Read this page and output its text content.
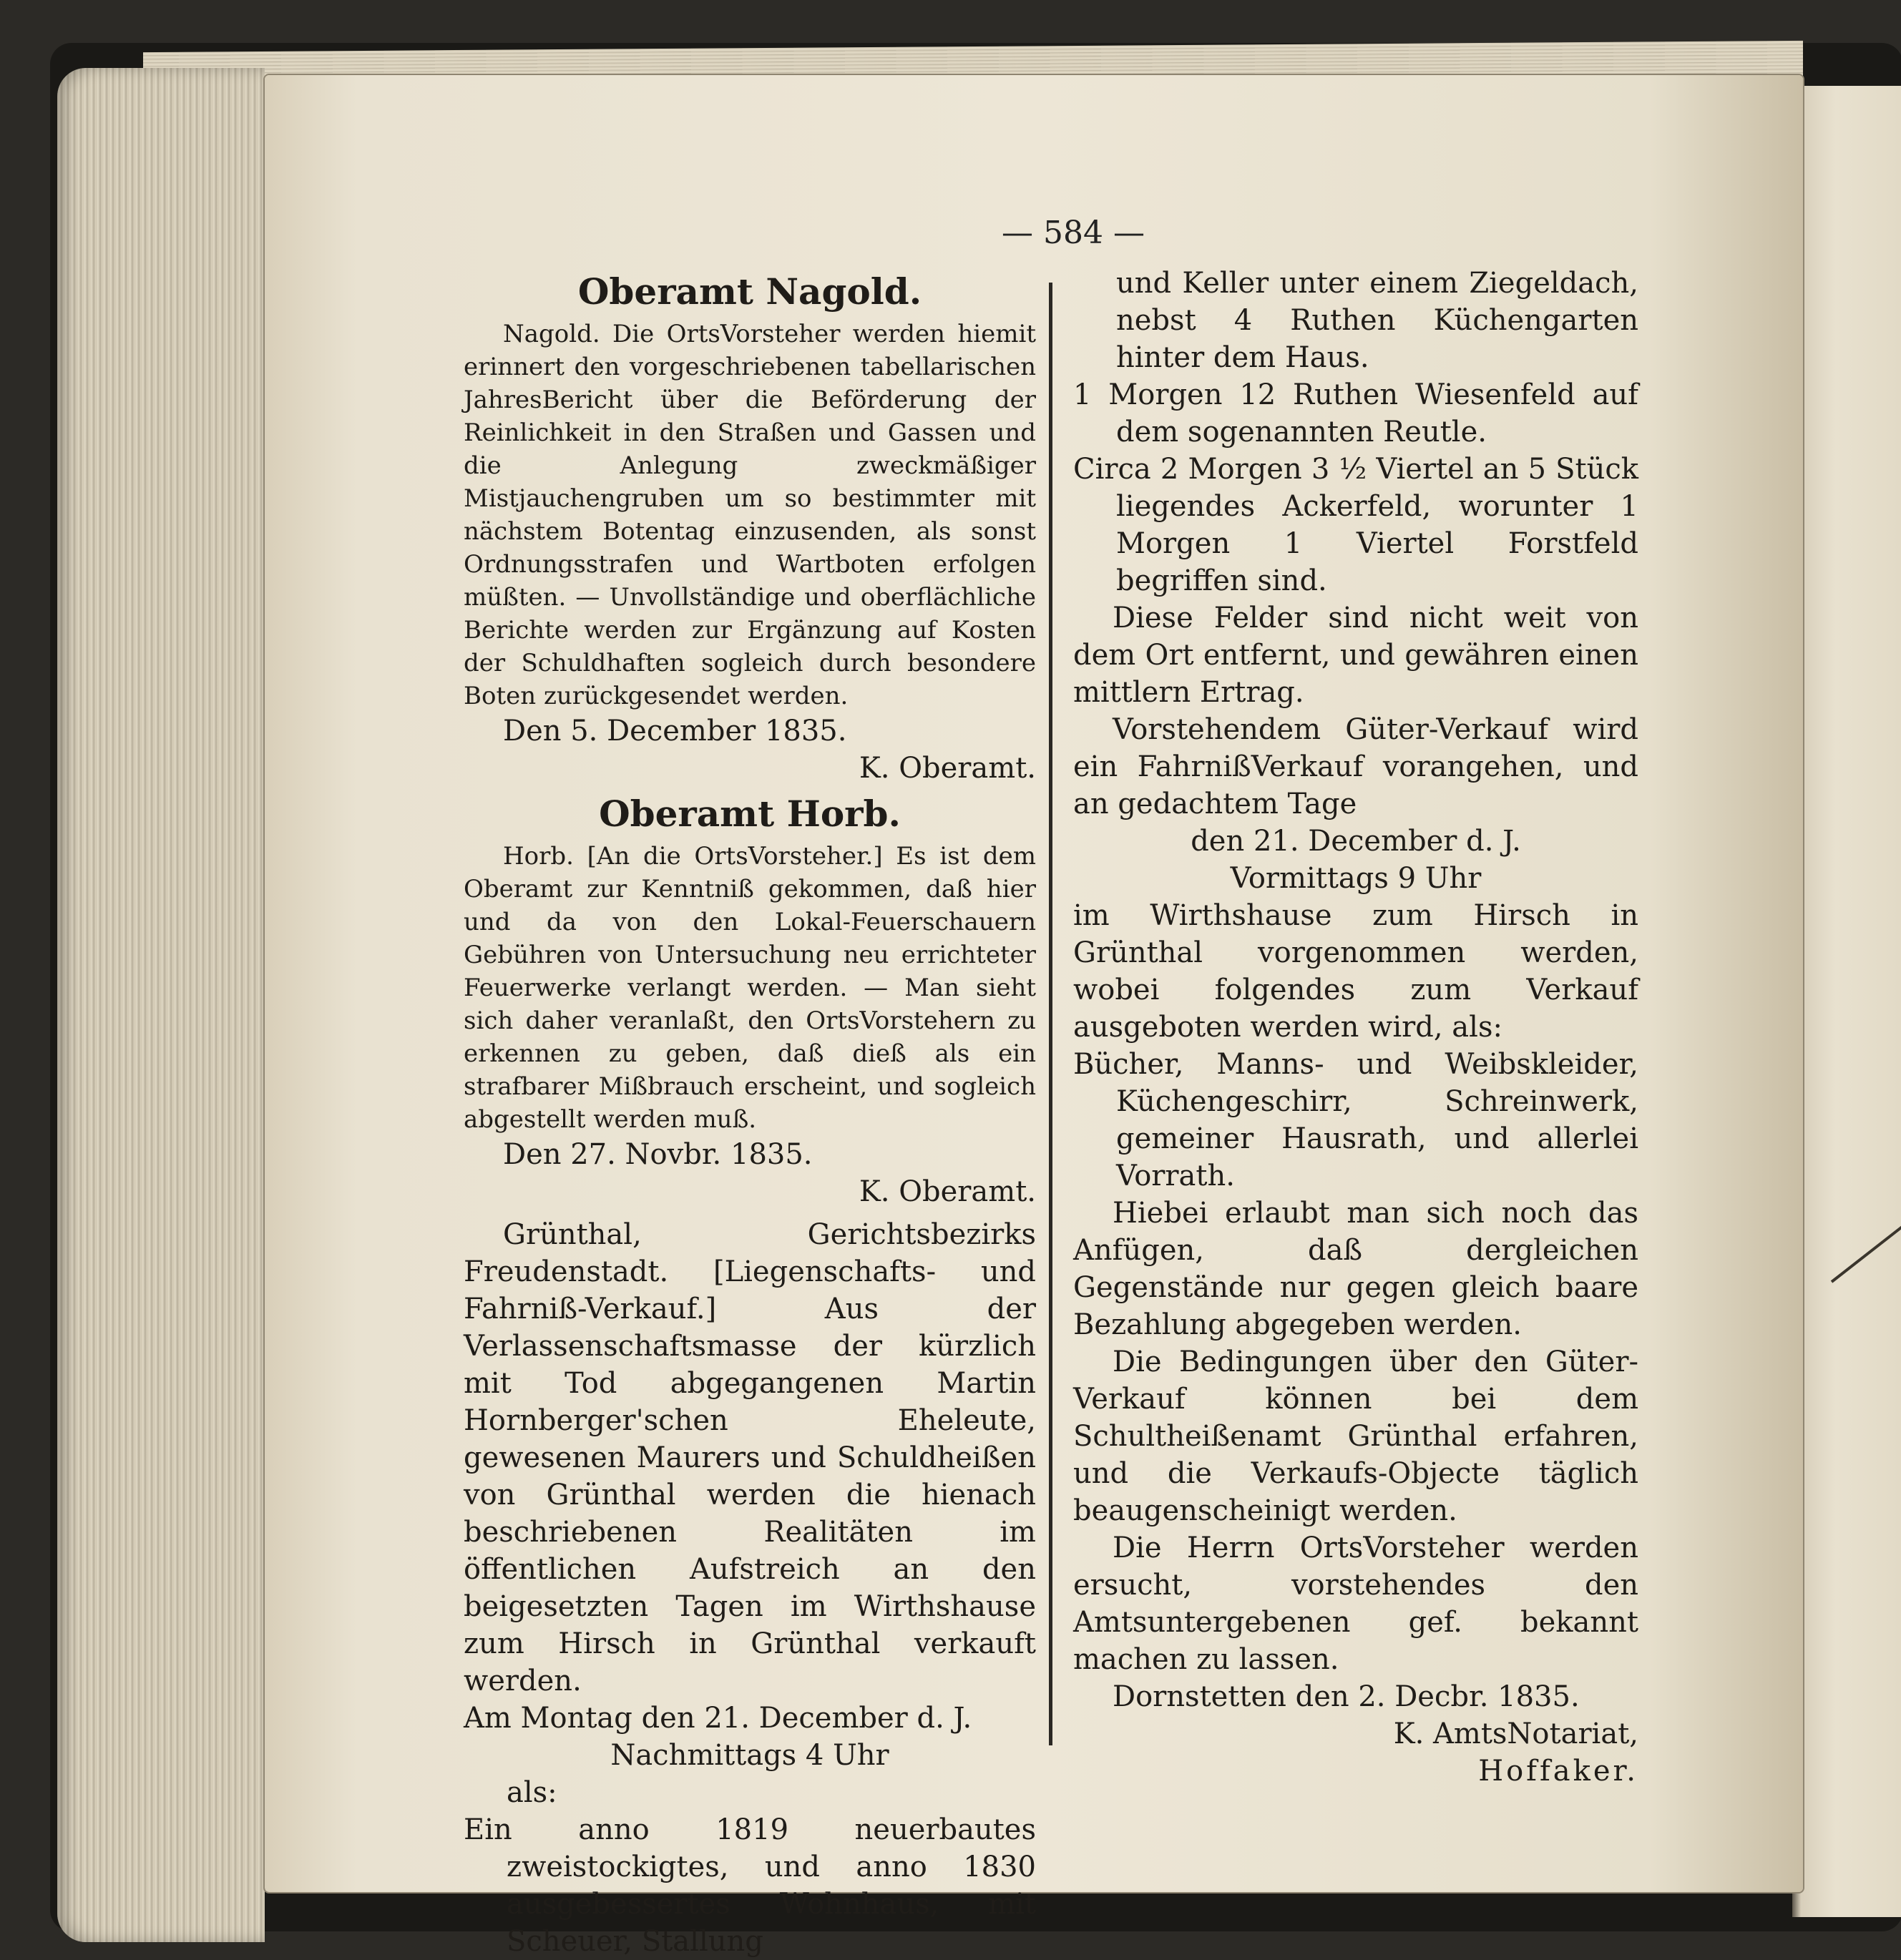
— 584 —

Oberamt Nagold.

Nagold. Die OrtsVorsteher werden hiemit erinnert den vorgeschriebenen tabellarischen JahresBericht über die Beförderung der Reinlichkeit in den Straßen und Gassen und die Anlegung zweckmäßiger Mistjauchengruben um so bestimmter mit nächstem Botentag einzusenden, als sonst Ordnungsstrafen und Wartboten erfolgen müßten. — Unvollständige und oberflächliche Berichte werden zur Ergänzung auf Kosten der Schuldhaften sogleich durch besondere Boten zurückgesendet werden.

Den 5. December 1835.

K. Oberamt.

Oberamt Horb.

Horb. [An die OrtsVorsteher.] Es ist dem Oberamt zur Kenntniß gekommen, daß hier und da von den Lokal-Feuerschauern Gebühren von Untersuchung neu errichteter Feuerwerke verlangt werden. — Man sieht sich daher veranlaßt, den OrtsVorstehern zu erkennen zu geben, daß dieß als ein strafbarer Mißbrauch erscheint, und sogleich abgestellt werden muß.

Den 27. Novbr. 1835.

K. Oberamt.

Grünthal, Gerichtsbezirks Freudenstadt. [Liegenschafts- und Fahrniß-Verkauf.] Aus der Verlassenschaftsmasse der kürzlich mit Tod abgegangenen Martin Hornberger'schen Eheleute, gewesenen Maurers und Schuldheißen von Grünthal werden die hienach beschriebenen Realitäten im öffentlichen Aufstreich an den beigesetzten Tagen im Wirthshause zum Hirsch in Grünthal verkauft werden.

Am Montag den 21. December d. J.

Nachmittags 4 Uhr

als:

Ein anno 1819 neuerbautes zweistockigtes, und anno 1830 ausgebessertes Wohnhaus, mit Scheuer, Stallung

und Keller unter einem Ziegeldach, nebst 4 Ruthen Küchengarten hinter dem Haus.

1 Morgen 12 Ruthen Wiesenfeld auf dem sogenannten Reutle.

Circa 2 Morgen 3 ½ Viertel an 5 Stück liegendes Ackerfeld, worunter 1 Morgen 1 Viertel Forstfeld begriffen sind.

Diese Felder sind nicht weit von dem Ort entfernt, und gewähren einen mittlern Ertrag.

Vorstehendem Güter-Verkauf wird ein FahrnißVerkauf vorangehen, und an gedachtem Tage

den 21. December d. J.

Vormittags 9 Uhr

im Wirthshause zum Hirsch in Grünthal vorgenommen werden, wobei folgendes zum Verkauf ausgeboten werden wird, als:

Bücher, Manns- und Weibskleider, Küchengeschirr, Schreinwerk, gemeiner Hausrath, und allerlei Vorrath.

Hiebei erlaubt man sich noch das Anfügen, daß dergleichen Gegenstände nur gegen gleich baare Bezahlung abgegeben werden.

Die Bedingungen über den Güter-Verkauf können bei dem Schultheißenamt Grünthal erfahren, und die Verkaufs-Objecte täglich beaugenscheinigt werden.

Die Herrn OrtsVorsteher werden ersucht, vorstehendes den Amtsuntergebenen gef. bekannt machen zu lassen.

Dornstetten den 2. Decbr. 1835.

K. AmtsNotariat,

Hoffaker.
